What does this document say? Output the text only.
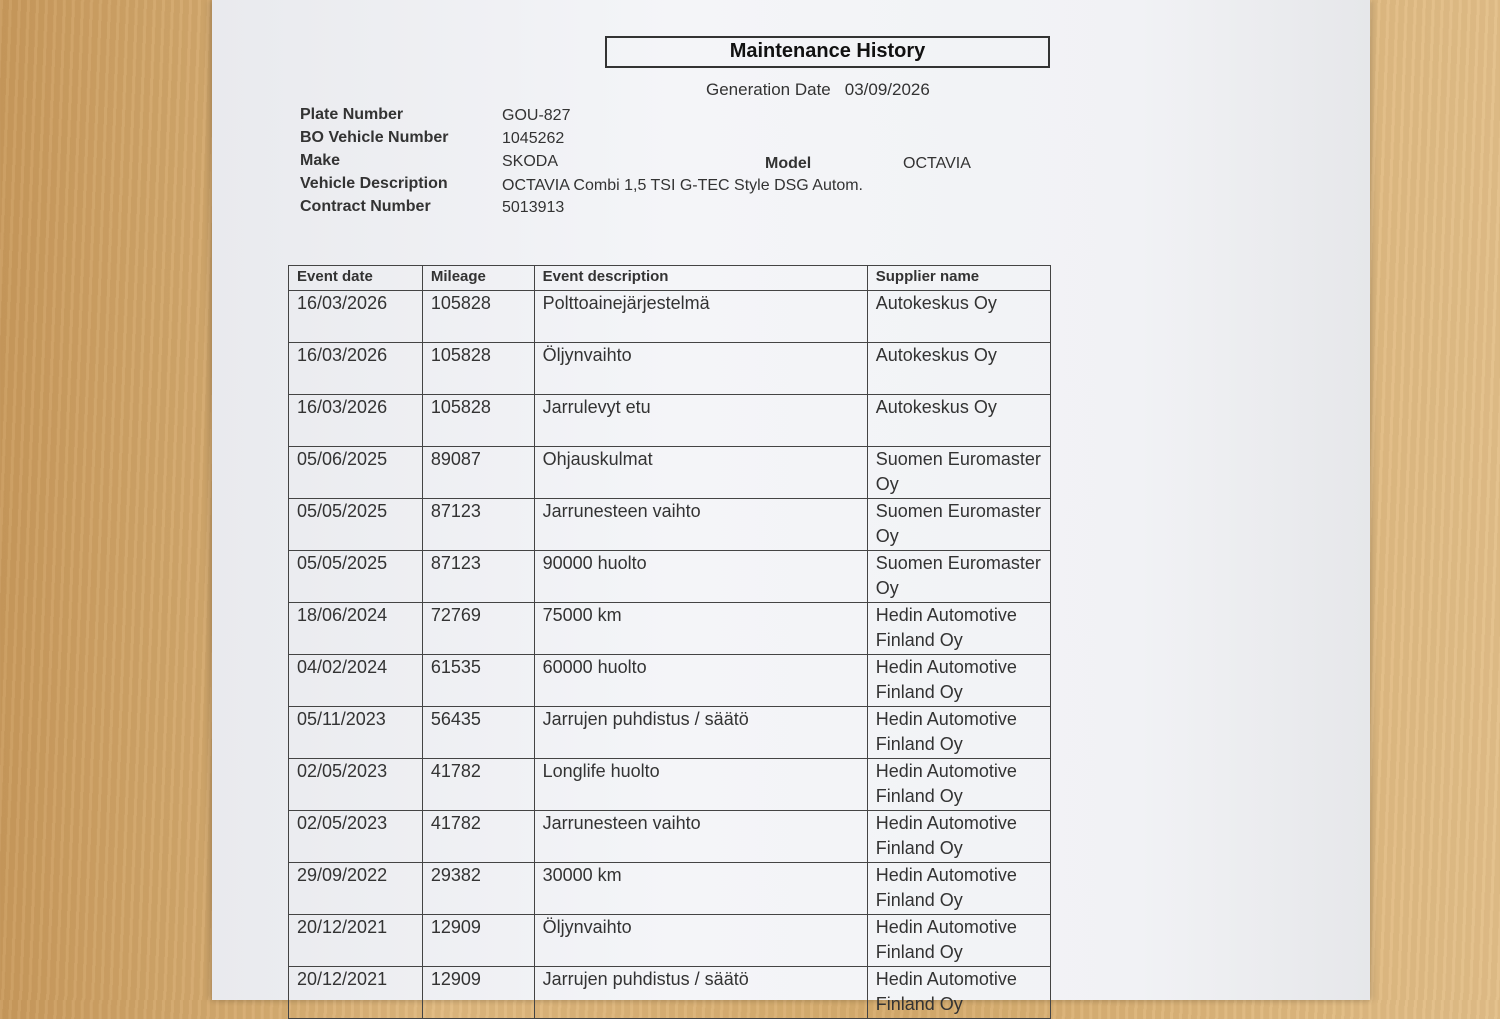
Maintenance History
Generation Date 03/09/2026
Plate Number	GOU-827
BO Vehicle Number	1045262
Make	SKODA	Model	OCTAVIA
Vehicle Description	OCTAVIA Combi 1,5 TSI G-TEC Style DSG Autom.
Contract Number	5013913
Event date	Mileage	Event description	Supplier name
16/03/2026	105828	Polttoainejärjestelmä	Autokeskus Oy
16/03/2026	105828	Öljynvaihto	Autokeskus Oy
16/03/2026	105828	Jarrulevyt etu	Autokeskus Oy
05/06/2025	89087	Ohjauskulmat	Suomen Euromaster Oy
05/05/2025	87123	Jarrunesteen vaihto	Suomen Euromaster Oy
05/05/2025	87123	90000 huolto	Suomen Euromaster Oy
18/06/2024	72769	75000 km	Hedin Automotive Finland Oy
04/02/2024	61535	60000 huolto	Hedin Automotive Finland Oy
05/11/2023	56435	Jarrujen puhdistus / säätö	Hedin Automotive Finland Oy
02/05/2023	41782	Longlife huolto	Hedin Automotive Finland Oy
02/05/2023	41782	Jarrunesteen vaihto	Hedin Automotive Finland Oy
29/09/2022	29382	30000 km	Hedin Automotive Finland Oy
20/12/2021	12909	Öljynvaihto	Hedin Automotive Finland Oy
20/12/2021	12909	Jarrujen puhdistus / säätö	Hedin Automotive Finland Oy
